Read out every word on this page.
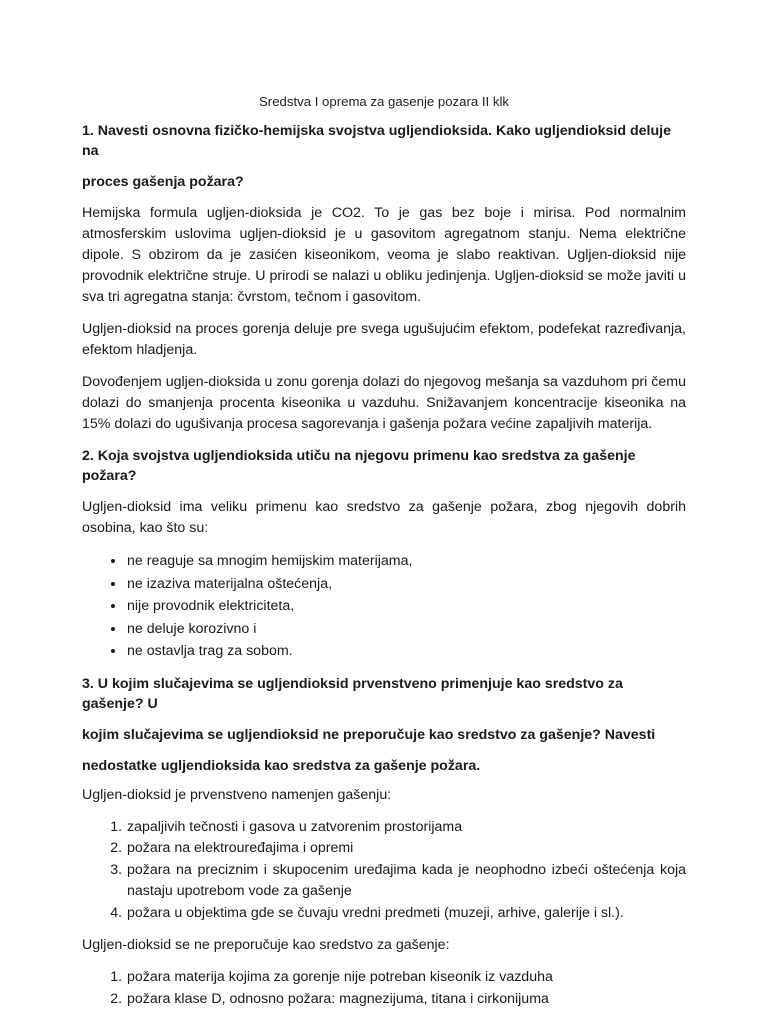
Sredstva I oprema za gasenje pozara II klk

1. Navesti osnovna fizičko-hemijska svojstva ugljendioksida. Kako ugljendioksid deluje na

proces gašenja požara?

Hemijska formula ugljen-dioksida je CO2. To je gas bez boje i mirisa. Pod normalnim atmosferskim uslovima ugljen-dioksid je u gasovitom agregatnom stanju. Nema električne dipole. S obzirom da je zasićen kiseonikom, veoma je slabo reaktivan. Ugljen-dioksid nije provodnik električne struje. U prirodi se nalazi u obliku jedinjenja. Ugljen-dioksid se može javiti u sva tri agregatna stanja: čvrstom, tečnom i gasovitom.

Ugljen-dioksid na proces gorenja deluje pre svega ugušujućim efektom, podefekat razređivanja, efektom hladjenja.

Dovođenjem ugljen-dioksida u zonu gorenja dolazi do njegovog mešanja sa vazduhom pri čemu dolazi do smanjenja procenta kiseonika u vazduhu. Snižavanjem koncentracije kiseonika na 15% dolazi do ugušivanja procesa sagorevanja i gašenja požara većine zapaljivih materija.

2. Koja svojstva ugljendioksida utiču na njegovu primenu kao sredstva za gašenje požara?

Ugljen-dioksid ima veliku primenu kao sredstvo za gašenje požara, zbog njegovih dobrih osobina, kao što su:

• ne reaguje sa mnogim hemijskim materijama,
• ne izaziva materijalna oštećenja,
• nije provodnik elektriciteta,
• ne deluje korozivno i
• ne ostavlja trag za sobom.

3. U kojim slučajevima se ugljendioksid prvenstveno primenjuje kao sredstvo za gašenje? U

kojim slučajevima se ugljendioksid ne preporučuje kao sredstvo za gašenje? Navesti

nedostatke ugljendioksida kao sredstva za gašenje požara.

Ugljen-dioksid je prvenstveno namenjen gašenju:

1. zapaljivih tečnosti i gasova u zatvorenim prostorijama
2. požara na elektrouređajima i opremi
3. požara na preciznim i skupocenim uređajima kada je neophodno izbeći oštećenja koja nastaju upotrebom vode za gašenje
4. požara u objektima gde se čuvaju vredni predmeti (muzeji, arhive, galerije i sl.).

Ugljen-dioksid se ne preporučuje kao sredstvo za gašenje:

1. požara materija kojima za gorenje nije potreban kiseonik iz vazduha
2. požara klase D, odnosno požara: magnezijuma, titana i cirkonijuma
